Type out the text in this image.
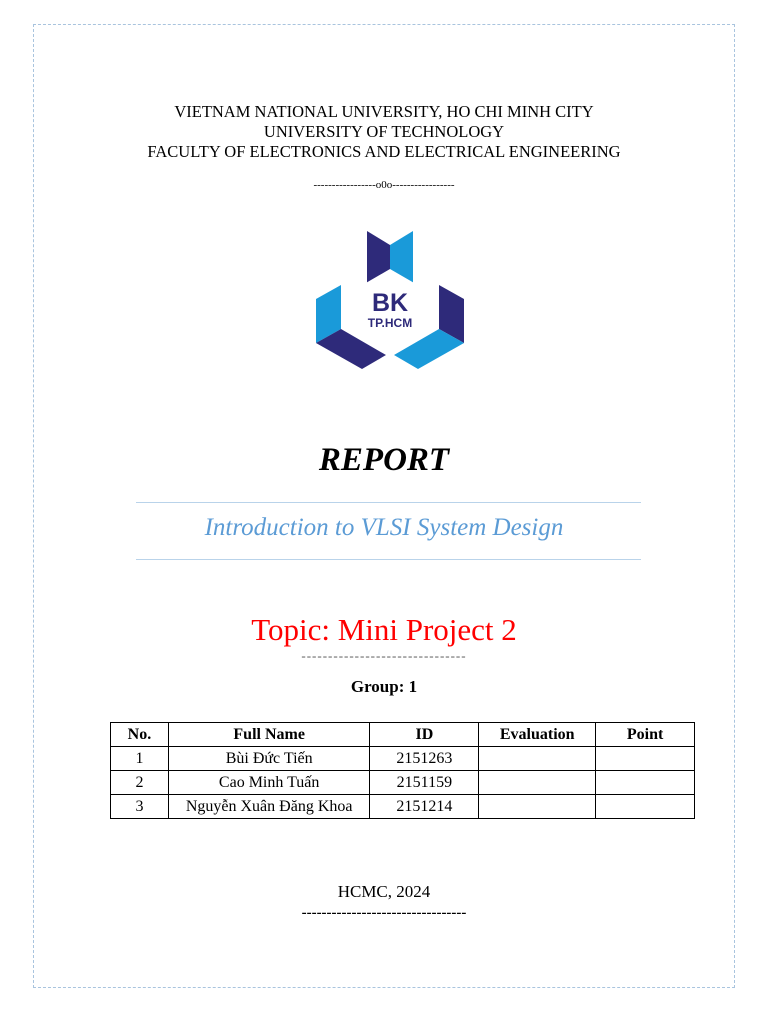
VIETNAM NATIONAL UNIVERSITY, HO CHI MINH CITY
UNIVERSITY OF TECHNOLOGY
FACULTY OF ELECTRONICS AND ELECTRICAL ENGINEERING
-----------------o0o-----------------
BK
TP.HCM
REPORT
Introduction to VLSI System Design
Topic: Mini Project 2
-------------------------------
Group: 1
No.	Full Name	ID	Evaluation	Point
1	Bùi Đức Tiến	2151263		
2	Cao Minh Tuấn	2151159		
3	Nguyễn Xuân Đăng Khoa	2151214		
HCMC, 2024
---------------------------------
